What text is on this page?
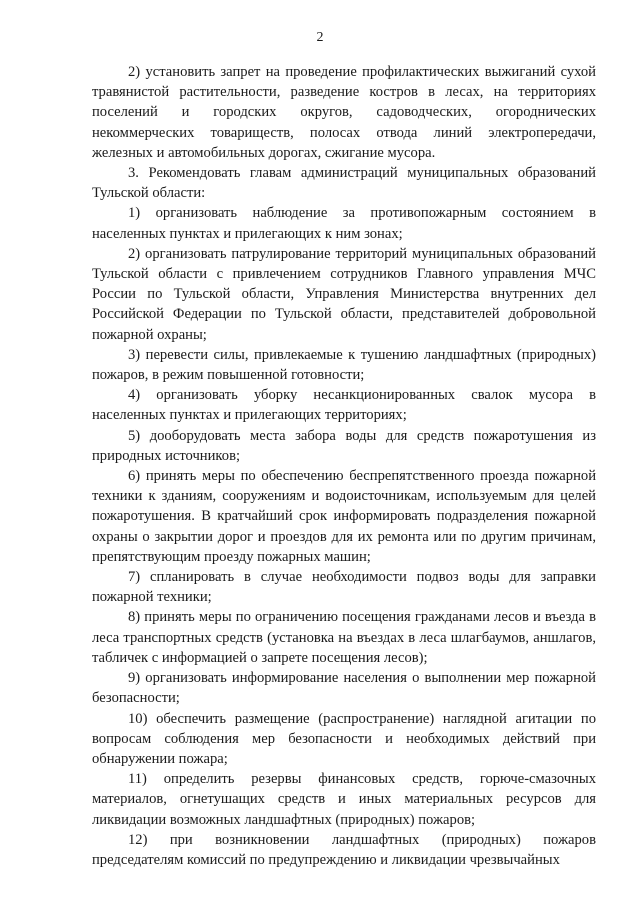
2

2) установить запрет на проведение профилактических выжиганий сухой травянистой растительности, разведение костров в лесах, на территориях поселений и городских округов, садоводческих, огороднических некоммерческих товариществ, полосах отвода линий электропередачи, железных и автомобильных дорогах, сжигание мусора.

3. Рекомендовать главам администраций муниципальных образований Тульской области:

1) организовать наблюдение за противопожарным состоянием в населенных пунктах и прилегающих к ним зонах;

2) организовать патрулирование территорий муниципальных образований Тульской области с привлечением сотрудников Главного управления МЧС России по Тульской области, Управления Министерства внутренних дел Российской Федерации по Тульской области, представителей добровольной пожарной охраны;

3) перевести силы, привлекаемые к тушению ландшафтных (природных) пожаров, в режим повышенной готовности;

4) организовать уборку несанкционированных свалок мусора в населенных пунктах и прилегающих территориях;

5) дооборудовать места забора воды для средств пожаротушения из природных источников;

6) принять меры по обеспечению беспрепятственного проезда пожарной техники к зданиям, сооружениям и водоисточникам, используемым для целей пожаротушения. В кратчайший срок информировать подразделения пожарной охраны о закрытии дорог и проездов для их ремонта или по другим причинам, препятствующим проезду пожарных машин;

7) спланировать в случае необходимости подвоз воды для заправки пожарной техники;

8) принять меры по ограничению посещения гражданами лесов и въезда в леса транспортных средств (установка на въездах в леса шлагбаумов, аншлагов, табличек с информацией о запрете посещения лесов);

9) организовать информирование населения о выполнении мер пожарной безопасности;

10) обеспечить размещение (распространение) наглядной агитации по вопросам соблюдения мер безопасности и необходимых действий при обнаружении пожара;

11) определить резервы финансовых средств, горюче-смазочных материалов, огнетушащих средств и иных материальных ресурсов для ликвидации возможных ландшафтных (природных) пожаров;

12) при возникновении ландшафтных (природных) пожаров председателям комиссий по предупреждению и ликвидации чрезвычайных
